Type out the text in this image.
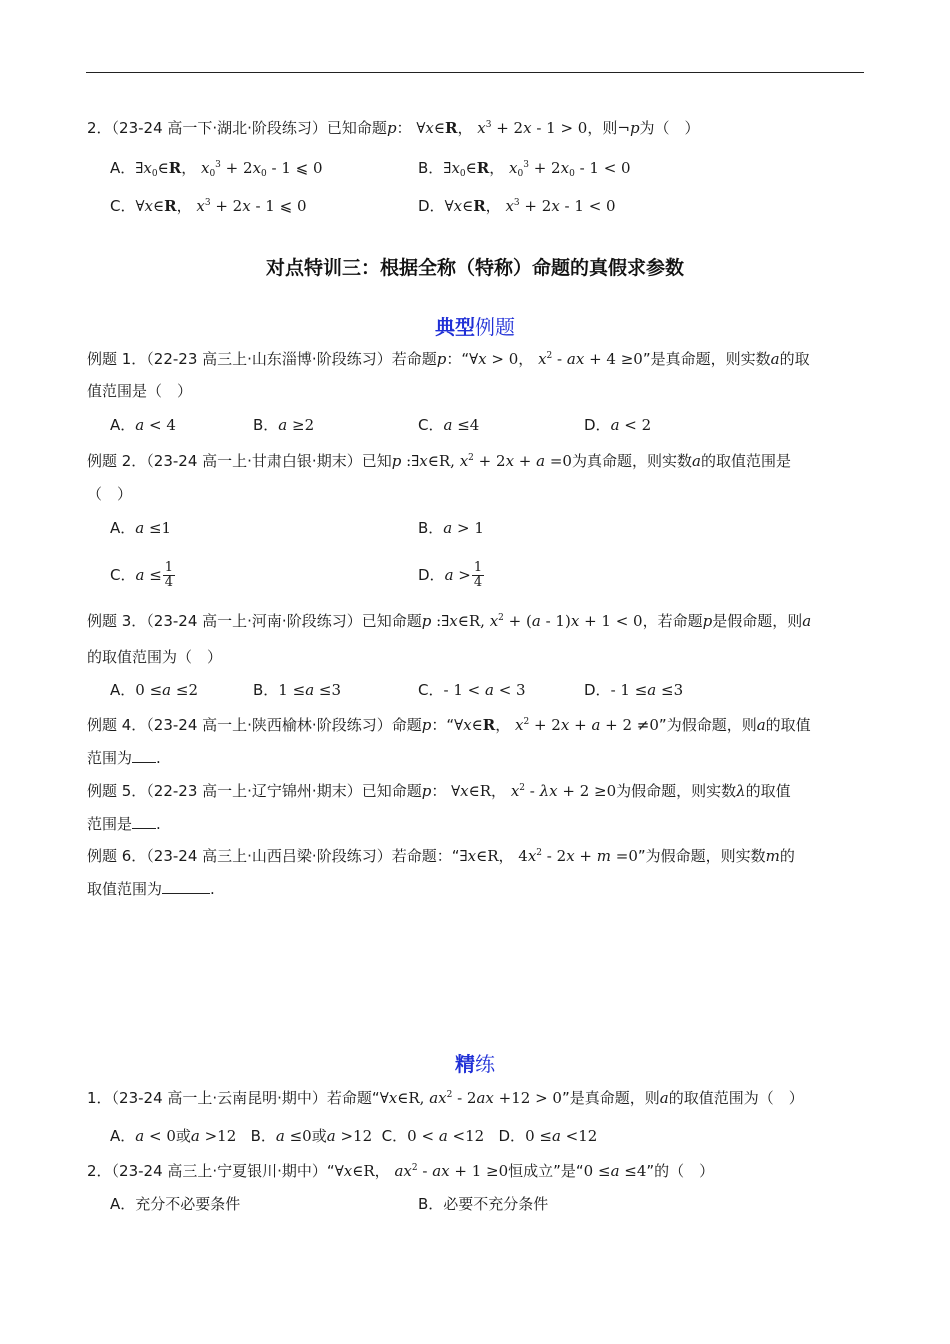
2．（23-24 高一下·湖北·阶段练习）已知命题p： ∀x∈R， $x^3 + 2x - 1 > 0$，则¬p为（　）
A．$\exists x_0\in R$， $x_0^3 + 2x_0 - 1$ ⩽ 0	B．$\exists x_0\in R$， $x_0^3 + 2x_0 - 1 < 0$
C．∀x∈R， $x^3 + 2x - 1$ ⩽ 0	D．∀x∈R， $x^3 + 2x - 1 < 0$
对点特训三：根据全称（特称）命题的真假求参数
典型例题
例题 1．（22-23 高三上·山东淄博·阶段练习）若命题p：“∀x > 0， $x^2$ - ax + 4 ≥0”是真命题，则实数a的取
值范围是（　）
A．a < 4	B．a ≥2	C．a ≤4	D．a < 2
例题 2．（23-24 高一上·甘肃白银·期末）已知p :∃x∈R, $x^2 + 2x + a =0$为真命题，则实数a的取值范围是
（　）
A．a ≤1	B．a > 1
C．$a \le \frac{1}{4}$	D．$a > \frac{1}{4}$
例题 3．（23-24 高一上·河南·阶段练习）已知命题p :∃x∈R, $x^2 + (a - 1)x + 1 < 0$，若命题p是假命题，则a
的取值范围为（　）
A．0 ≤a ≤2	B．1 ≤a ≤3	C．- 1 < a < 3	D．- 1 ≤a ≤3
例题 4．（23-24 高一上·陕西榆林·阶段练习）命题p：“∀x∈R， $x^2 + 2x + a + 2 \ne 0$”为假命题，则a的取值
范围为 .
例题 5．（22-23 高一上·辽宁锦州·期末）已知命题p： ∀x∈R， $x^2 - \lambda x + 2 \ge 0$为假命题，则实数λ的取值
范围是 .
例题 6．（23-24 高三上·山西吕梁·阶段练习）若命题：“∃x∈R， $4x^2 - 2x + m =0$”为假命题，则实数m的
取值范围为	.
精练
1．（23-24 高一上·云南昆明·期中）若命题“∀x∈R, $ax^2 - 2ax +12 > 0$”是真命题，则a的取值范围为（　）
A．a < 0或a >12   B．a ≤0或a >12  C．0 < a <12   D．0 ≤a <12
2．（23-24 高三上·宁夏银川·期中）“∀x∈R， $ax^2$ - ax + 1 ≥0恒成立”是“0 ≤a ≤4”的（　）
A．充分不必要条件	B．必要不充分条件
